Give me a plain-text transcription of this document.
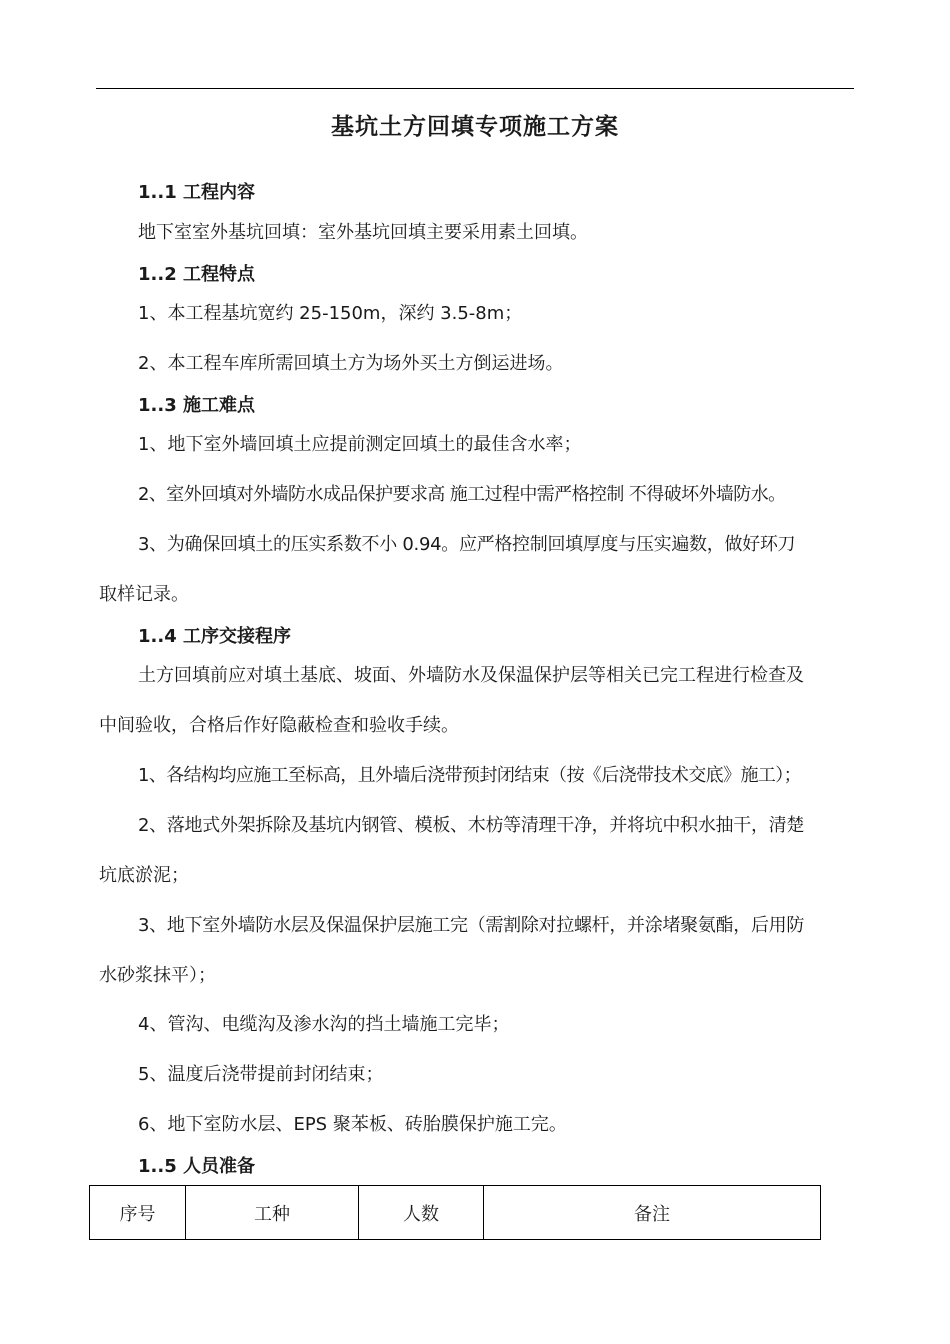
基坑土方回填专项施工方案
1..1 工程内容
地下室室外基坑回填：室外基坑回填主要采用素土回填。
1..2 工程特点
1、本工程基坑宽约 25-150m，深约 3.5-8m；
2、本工程车库所需回填土方为场外买土方倒运进场。
1..3 施工难点
1、地下室外墙回填土应提前测定回填土的最佳含水率；
2、室外回填对外墙防水成品保护要求高 施工过程中需严格控制 不得破坏外墙防水。
3、为确保回填土的压实系数不小 0.94。应严格控制回填厚度与压实遍数，做好环刀
取样记录。
1..4 工序交接程序
土方回填前应对填土基底、坡面、外墙防水及保温保护层等相关已完工程进行检查及
中间验收，合格后作好隐蔽检查和验收手续。
1、各结构均应施工至标高，且外墙后浇带预封闭结束（按《后浇带技术交底》施工）；
2、落地式外架拆除及基坑内钢管、模板、木枋等清理干净，并将坑中积水抽干，清楚
坑底淤泥；
3、地下室外墙防水层及保温保护层施工完（需割除对拉螺杆，并涂堵聚氨酯，后用防
水砂浆抹平）；
4、管沟、电缆沟及渗水沟的挡土墙施工完毕；
5、温度后浇带提前封闭结束；
6、地下室防水层、EPS 聚苯板、砖胎膜保护施工完。
1..5 人员准备
序号	工种	人数	备注
